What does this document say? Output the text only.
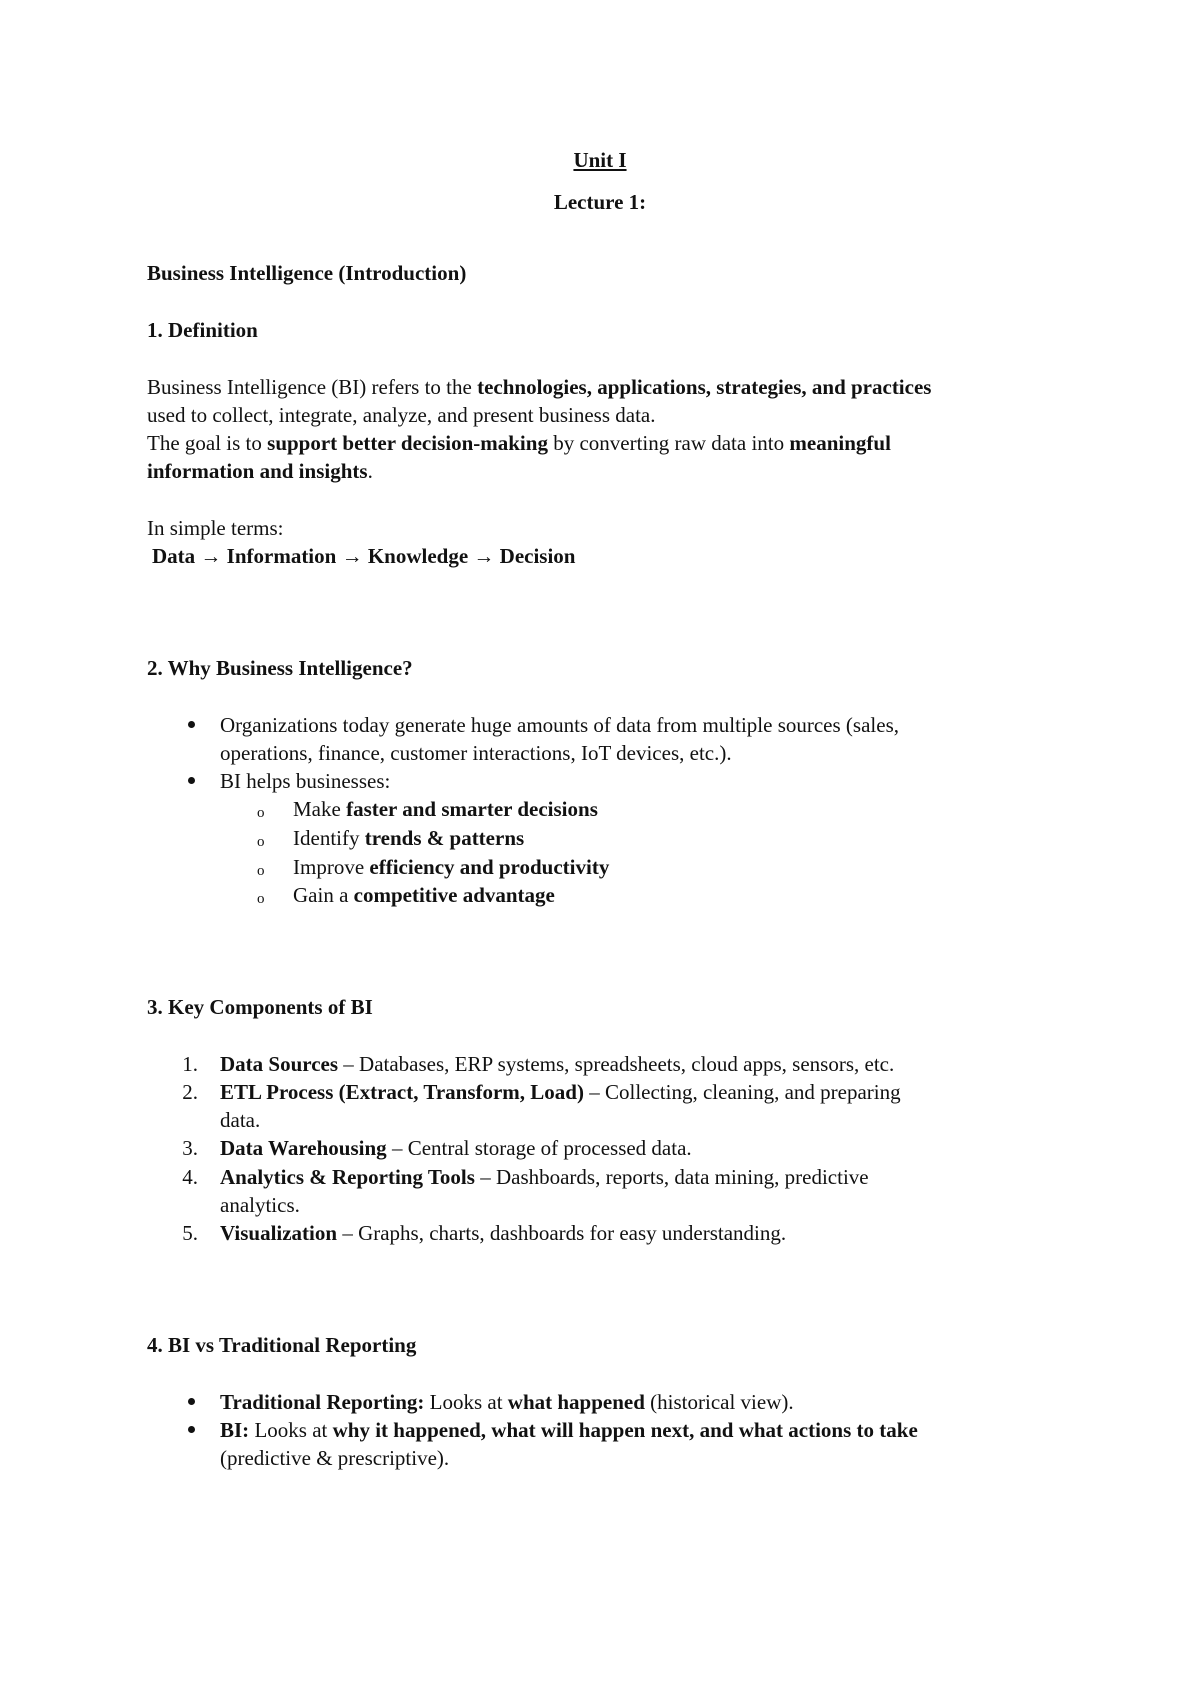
Unit I
Lecture 1:
Business Intelligence (Introduction)
1. Definition
Business Intelligence (BI) refers to the technologies, applications, strategies, and practices
used to collect, integrate, analyze, and present business data.
The goal is to support better decision-making by converting raw data into meaningful
information and insights.
In simple terms:
Data → Information → Knowledge → Decision
2. Why Business Intelligence?
Organizations today generate huge amounts of data from multiple sources (sales,
operations, finance, customer interactions, IoT devices, etc.).
BI helps businesses:
o Make faster and smarter decisions
o Identify trends & patterns
o Improve efficiency and productivity
o Gain a competitive advantage
3. Key Components of BI
1. Data Sources – Databases, ERP systems, spreadsheets, cloud apps, sensors, etc.
2. ETL Process (Extract, Transform, Load) – Collecting, cleaning, and preparing
data.
3. Data Warehousing – Central storage of processed data.
4. Analytics & Reporting Tools – Dashboards, reports, data mining, predictive
analytics.
5. Visualization – Graphs, charts, dashboards for easy understanding.
4. BI vs Traditional Reporting
Traditional Reporting: Looks at what happened (historical view).
BI: Looks at why it happened, what will happen next, and what actions to take
(predictive & prescriptive).
